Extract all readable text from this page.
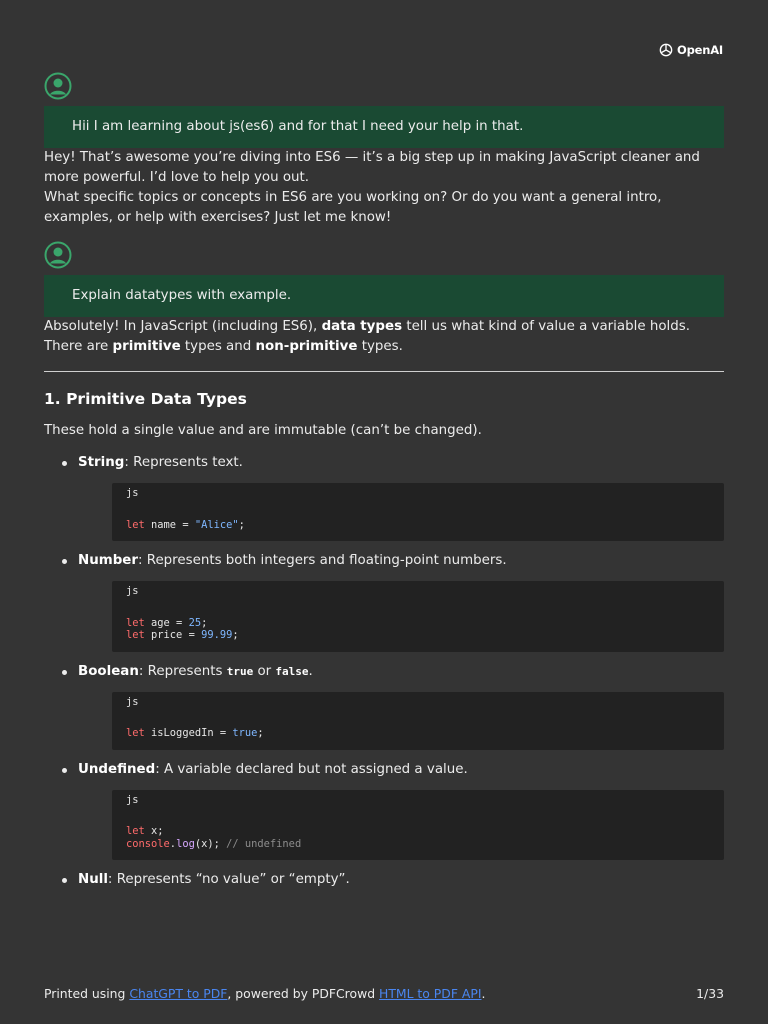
OpenAI
Hii I am learning about js(es6) and for that I need your help in that.

Hey! That’s awesome you’re diving into ES6 — it’s a big step up in making JavaScript cleaner and more powerful. I’d love to help you out.

What specific topics or concepts in ES6 are you working on? Or do you want a general intro, examples, or help with exercises? Just let me know!

Explain datatypes with example.

Absolutely! In JavaScript (including ES6), data types tell us what kind of value a variable holds. There are primitive types and non-primitive types.

1. Primitive Data Types

These hold a single value and are immutable (can’t be changed).

String: Represents text.
js
let name = "Alice";
Number: Represents both integers and floating-point numbers.
js
let age = 25;
let price = 99.99;
Boolean: Represents true or false.
js
let isLoggedIn = true;
Undefined: A variable declared but not assigned a value.
js
let x;
console.log(x); // undefined
Null: Represents “no value” or “empty”.
Printed using ChatGPT to PDF, powered by PDFCrowd HTML to PDF API.	1/33
